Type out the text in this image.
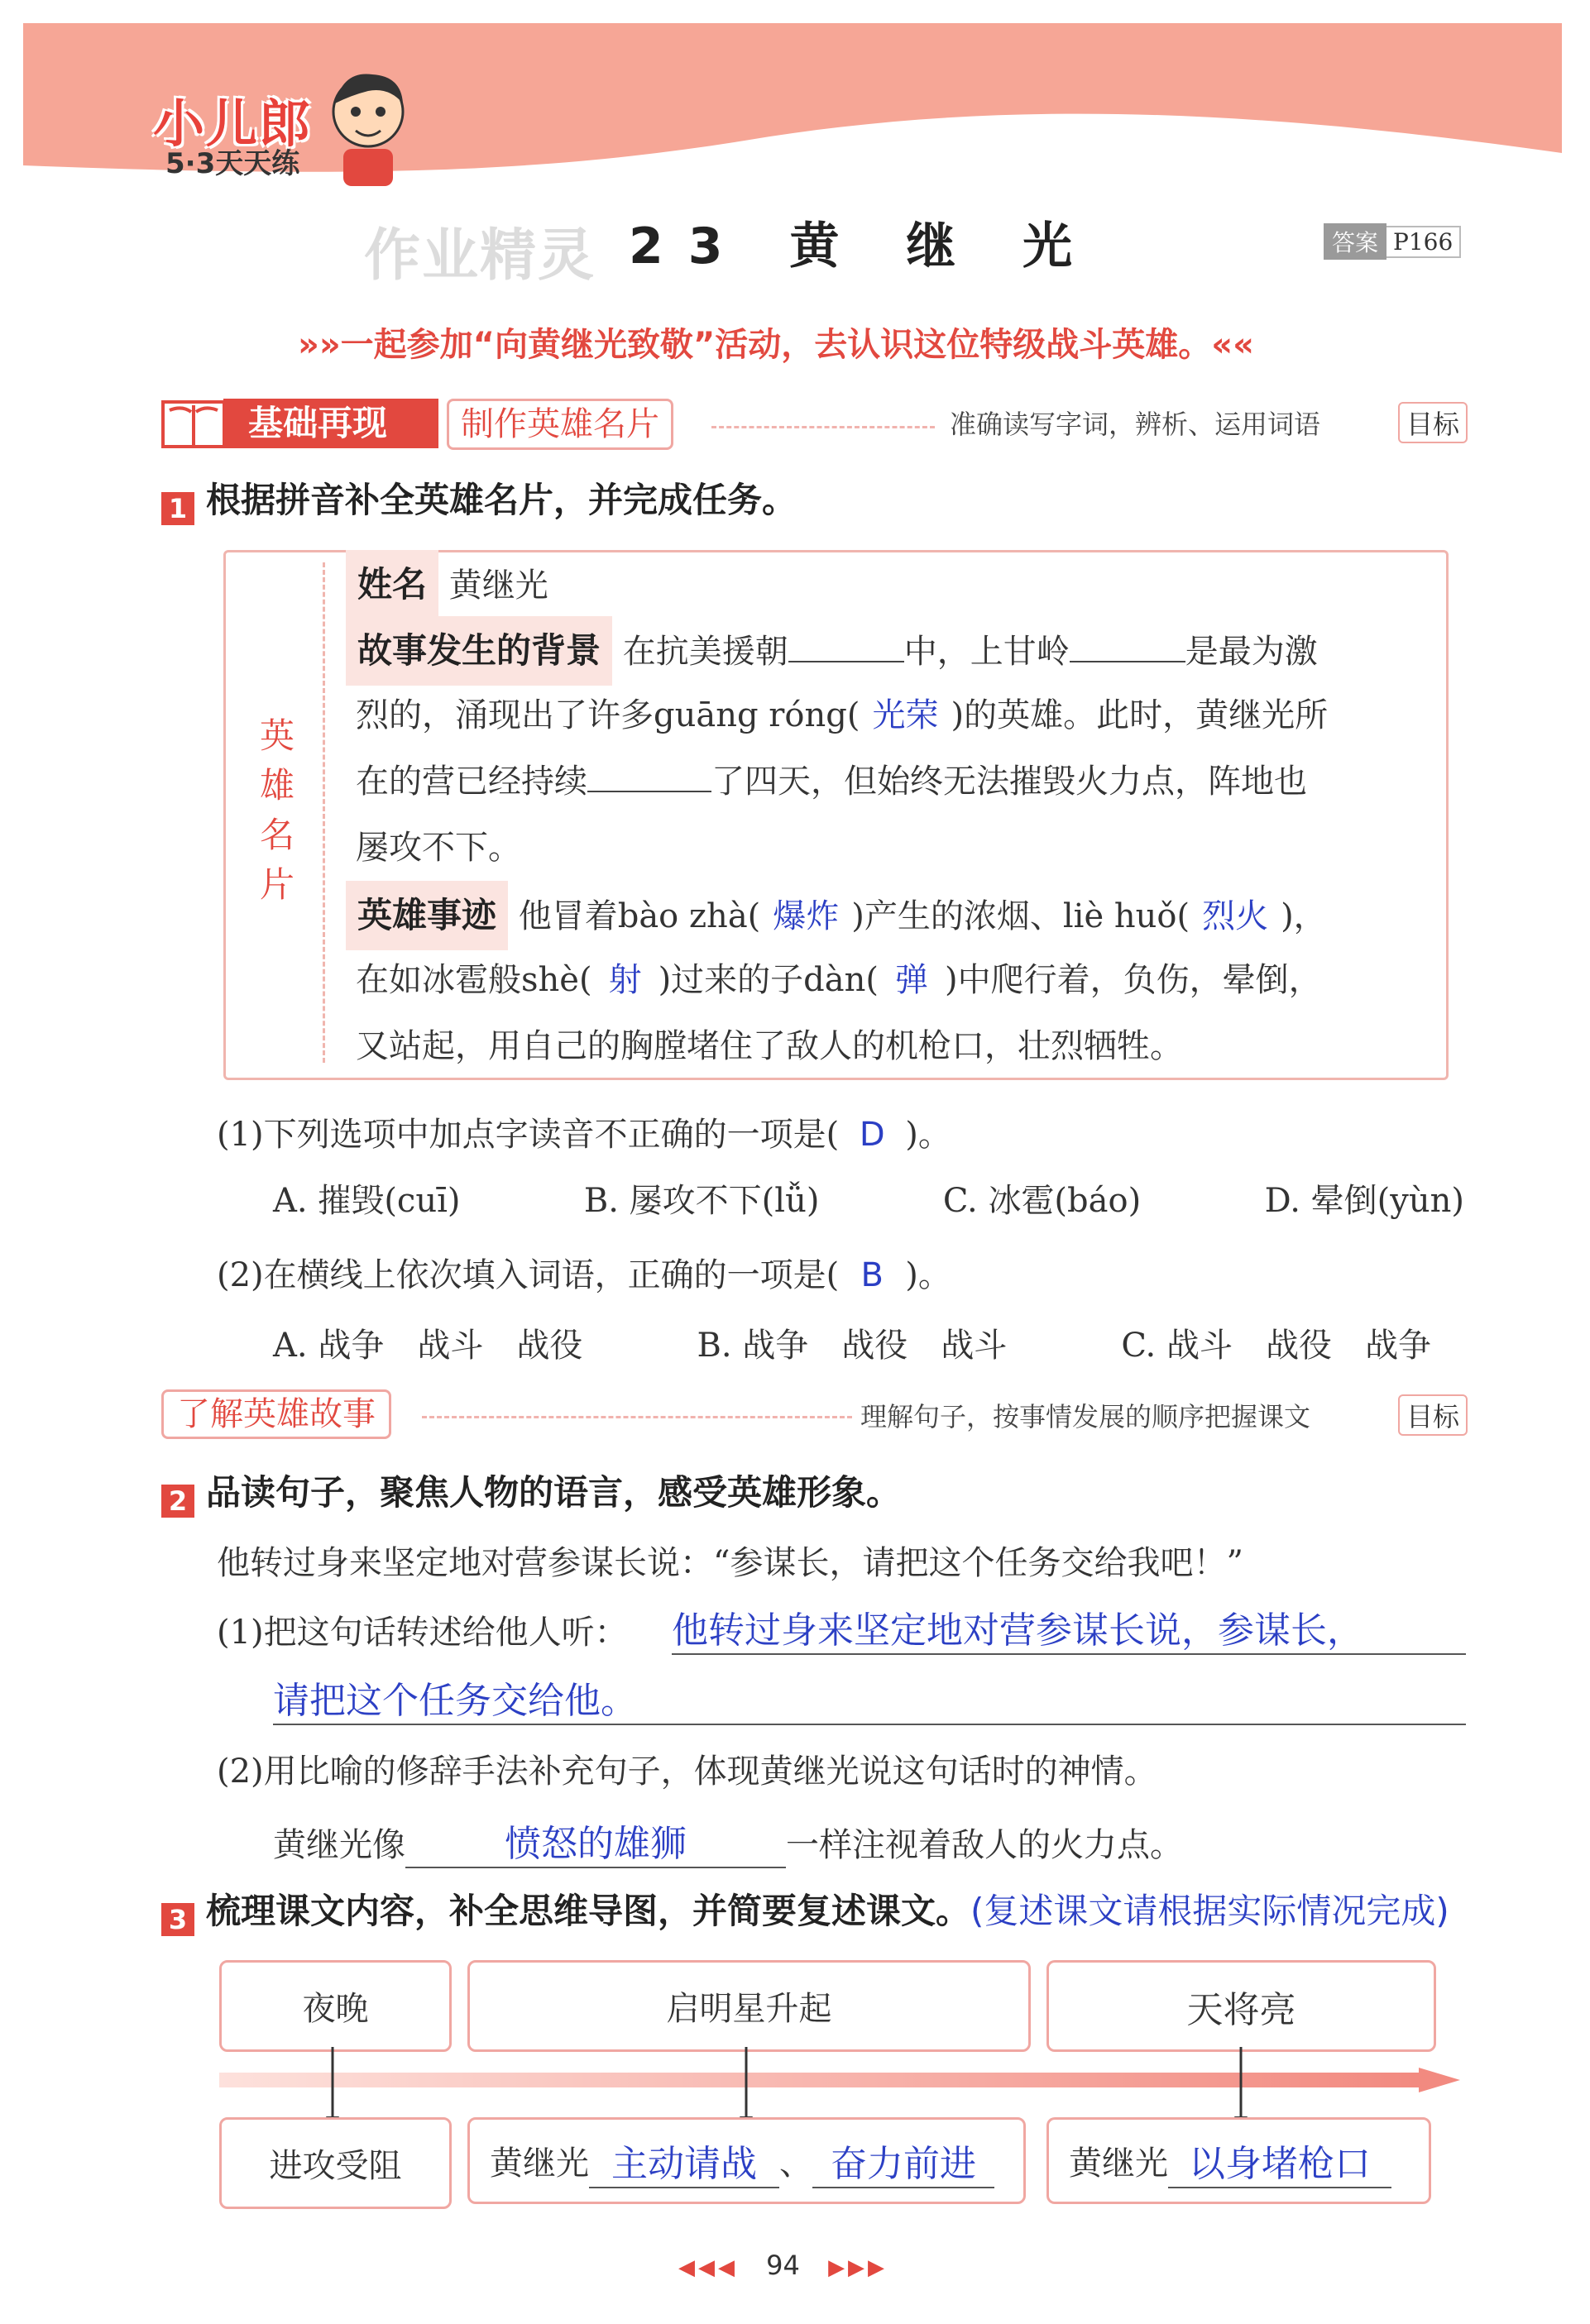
小儿郎
5·3天天练
作业精灵 23 黄 继 光	答案 P166
»»一起参加“向黄继光致敬”活动，去认识这位特级战斗英雄。««
基础再现	制作英雄名片	准确读写字词，辨析、运用词语	目标
1 根据拼音补全英雄名片，并完成任务。
英雄名片
姓名 黄继光
故事发生的背景 在抗美援朝	中，上甘岭	是最为激
烈的，涌现出了许多guāng róng( 光荣 )的英雄。此时，黄继光所
在的营已经持续	了四天，但始终无法摧毁火力点，阵地也
屡攻不下。
英雄事迹 他冒着bào zhà( 爆炸 )产生的浓烟、liè huǒ( 烈火 )，
在如冰雹般shè( 射 )过来的子dàn( 弹 )中爬行着，负伤，晕倒，
又站起，用自己的胸膛堵住了敌人的机枪口，壮烈牺牲。
(1)下列选项中加点字读音不正确的一项是( D )。
A. 摧毁(cuī)	B. 屡攻不下(lǚ)	C. 冰雹(báo)	D. 晕倒(yùn)
(2)在横线上依次填入词语，正确的一项是( B )。
A. 战争　战斗　战役	B. 战争　战役　战斗	C. 战斗　战役　战争
了解英雄故事	理解句子，按事情发展的顺序把握课文	目标
2 品读句子，聚焦人物的语言，感受英雄形象。
他转过身来坚定地对营参谋长说：“参谋长，请把这个任务交给我吧！”
(1)把这句话转述给他人听： 他转过身来坚定地对营参谋长说，参谋长，
请把这个任务交给他。
(2)用比喻的修辞手法补充句子，体现黄继光说这句话时的神情。
黄继光像	愤怒的雄狮	一样注视着敌人的火力点。
3 梳理课文内容，补全思维导图，并简要复述课文。(复述课文请根据实际情况完成)
夜晚	启明星升起	天将亮
进攻受阻	黄继光 主动请战 、 奋力前进	黄继光 以身堵枪口
◀◀◀ 94 ▶▶▶
